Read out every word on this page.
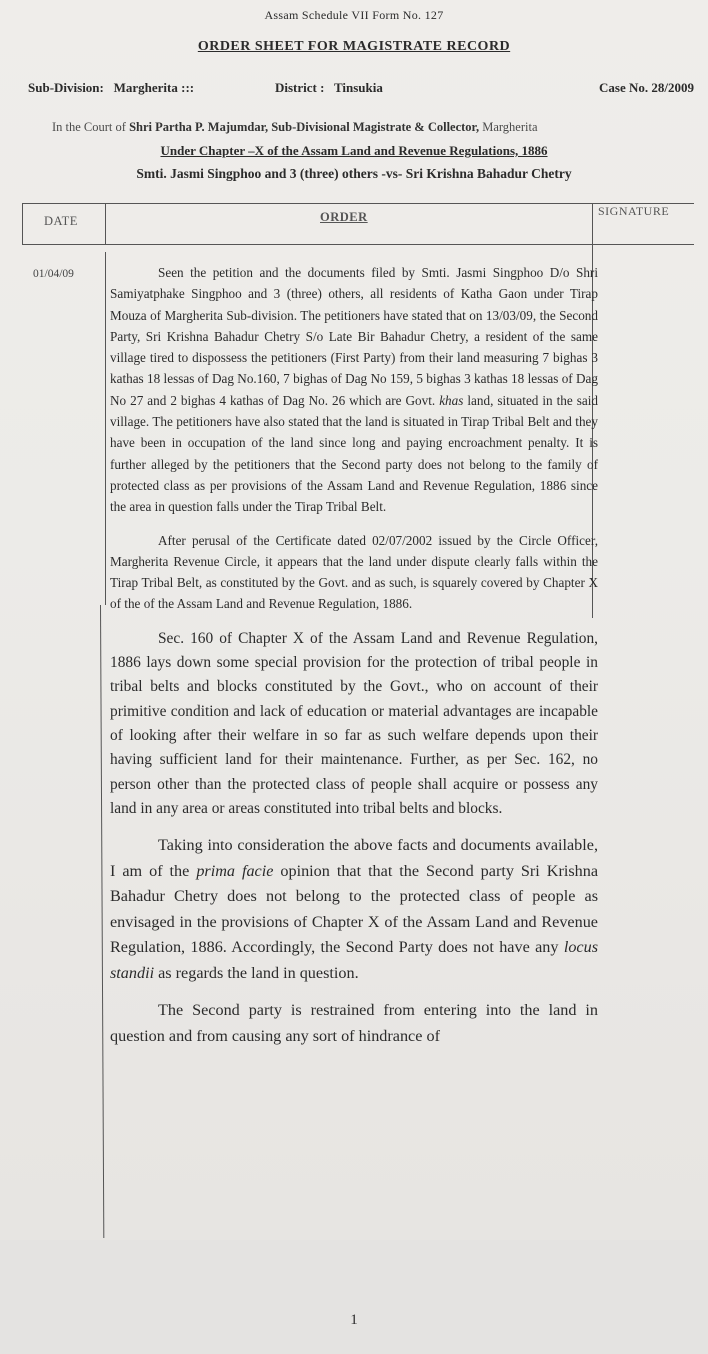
Assam Schedule VII Form No. 127
ORDER SHEET FOR MAGISTRATE RECORD
Sub-Division: Margherita :::	District : Tinsukia	Case No. 28/2009
In the Court of Shri Partha P. Majumdar, Sub-Divisional Magistrate & Collector, Margherita
Under Chapter –X of the Assam Land and Revenue Regulations, 1886
Smti. Jasmi Singphoo and 3 (three) others -vs- Sri Krishna Bahadur Chetry
DATE	ORDER	SIGNATURE
01/04/09	Seen the petition and the documents filed by Smti. Jasmi Singphoo D/o Shri Samiyatphake Singphoo and 3 (three) others, all residents of Katha Gaon under Tirap Mouza of Margherita Sub-division. The petitioners have stated that on 13/03/09, the Second Party, Sri Krishna Bahadur Chetry S/o Late Bir Bahadur Chetry, a resident of the same village tired to dispossess the petitioners (First Party) from their land measuring 7 bighas 3 kathas 18 lessas of Dag No.160, 7 bighas of Dag No 159, 5 bighas 3 kathas 18 lessas of Dag No 27 and 2 bighas 4 kathas of Dag No. 26 which are Govt. khas land, situated in the said village. The petitioners have also stated that the land is situated in Tirap Tribal Belt and they have been in occupation of the land since long and paying encroachment penalty. It is further alleged by the petitioners that the Second party does not belong to the family of protected class as per provisions of the Assam Land and Revenue Regulation, 1886 since the area in question falls under the Tirap Tribal Belt.

After perusal of the Certificate dated 02/07/2002 issued by the Circle Officer, Margherita Revenue Circle, it appears that the land under dispute clearly falls within the Tirap Tribal Belt, as constituted by the Govt. and as such, is squarely covered by Chapter X of the of the Assam Land and Revenue Regulation, 1886.

Sec. 160 of Chapter X of the Assam Land and Revenue Regulation, 1886 lays down some special provision for the protection of tribal people in tribal belts and blocks constituted by the Govt., who on account of their primitive condition and lack of education or material advantages are incapable of looking after their welfare in so far as such welfare depends upon their having sufficient land for their maintenance. Further, as per Sec. 162, no person other than the protected class of people shall acquire or possess any land in any area or areas constituted into tribal belts and blocks.

Taking into consideration the above facts and documents available, I am of the prima facie opinion that that the Second party Sri Krishna Bahadur Chetry does not belong to the protected class of people as envisaged in the provisions of Chapter X of the Assam Land and Revenue Regulation, 1886. Accordingly, the Second Party does not have any locus standii as regards the land in question.

The Second party is restrained from entering into the land in question and from causing any sort of hindrance of

1
